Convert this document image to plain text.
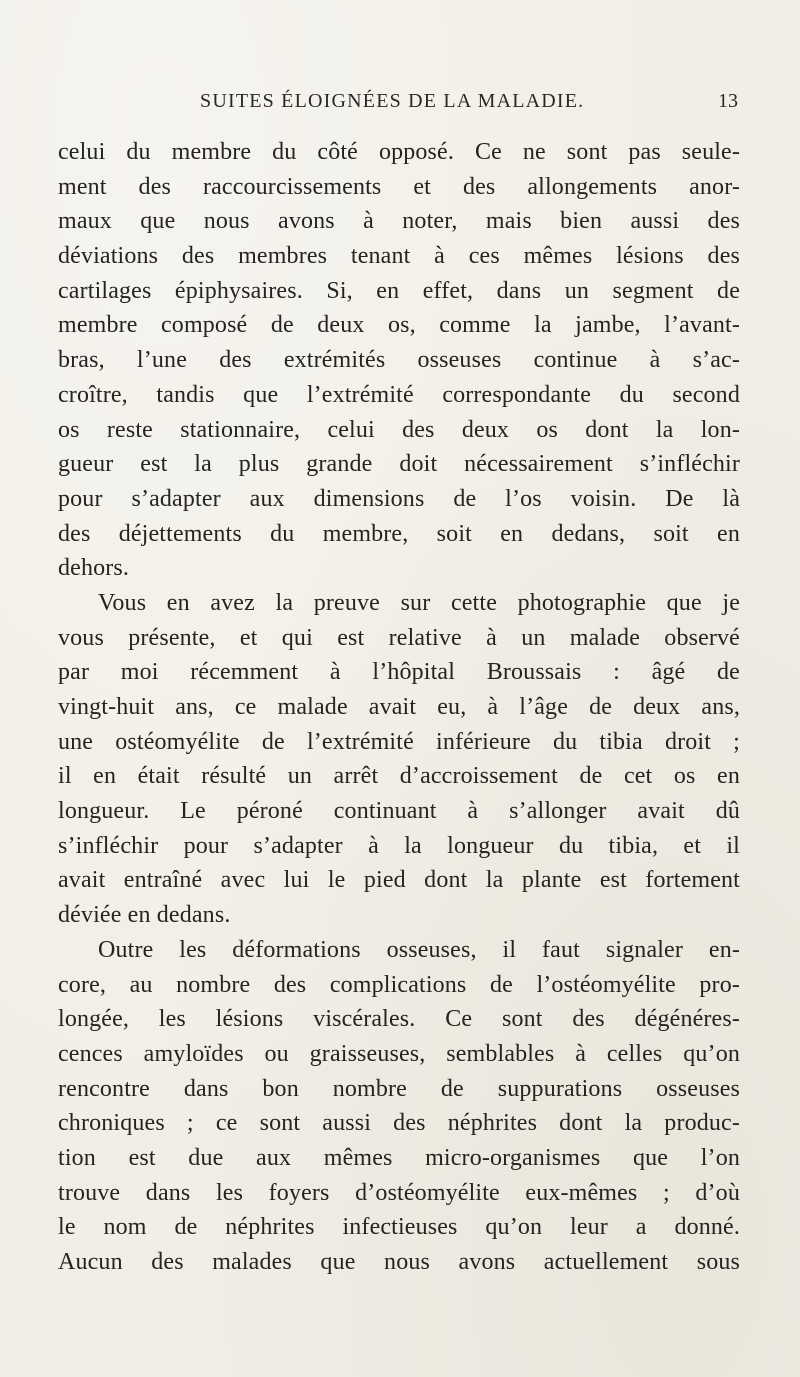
SUITES ÉLOIGNÉES DE LA MALADIE.	13
celui du membre du côté opposé. Ce ne sont pas seule-
ment des raccourcissements et des allongements anor-
maux que nous avons à noter, mais bien aussi des
déviations des membres tenant à ces mêmes lésions des
cartilages épiphysaires. Si, en effet, dans un segment de
membre composé de deux os, comme la jambe, l’avant-
bras, l’une des extrémités osseuses continue à s’ac-
croître, tandis que l’extrémité correspondante du second
os reste stationnaire, celui des deux os dont la lon-
gueur est la plus grande doit nécessairement s’infléchir
pour s’adapter aux dimensions de l’os voisin. De là
des déjettements du membre, soit en dedans, soit en
dehors.
Vous en avez la preuve sur cette photographie que je
vous présente, et qui est relative à un malade observé
par moi récemment à l’hôpital Broussais : âgé de
vingt-huit ans, ce malade avait eu, à l’âge de deux ans,
une ostéomyélite de l’extrémité inférieure du tibia droit ;
il en était résulté un arrêt d’accroissement de cet os en
longueur. Le péroné continuant à s’allonger avait dû
s’infléchir pour s’adapter à la longueur du tibia, et il
avait entraîné avec lui le pied dont la plante est fortement
déviée en dedans.
Outre les déformations osseuses, il faut signaler en-
core, au nombre des complications de l’ostéomyélite pro-
longée, les lésions viscérales. Ce sont des dégénéres-
cences amyloïdes ou graisseuses, semblables à celles qu’on
rencontre dans bon nombre de suppurations osseuses
chroniques ; ce sont aussi des néphrites dont la produc-
tion est due aux mêmes micro-organismes que l’on
trouve dans les foyers d’ostéomyélite eux-mêmes ; d’où
le nom de néphrites infectieuses qu’on leur a donné.
Aucun des malades que nous avons actuellement sous
